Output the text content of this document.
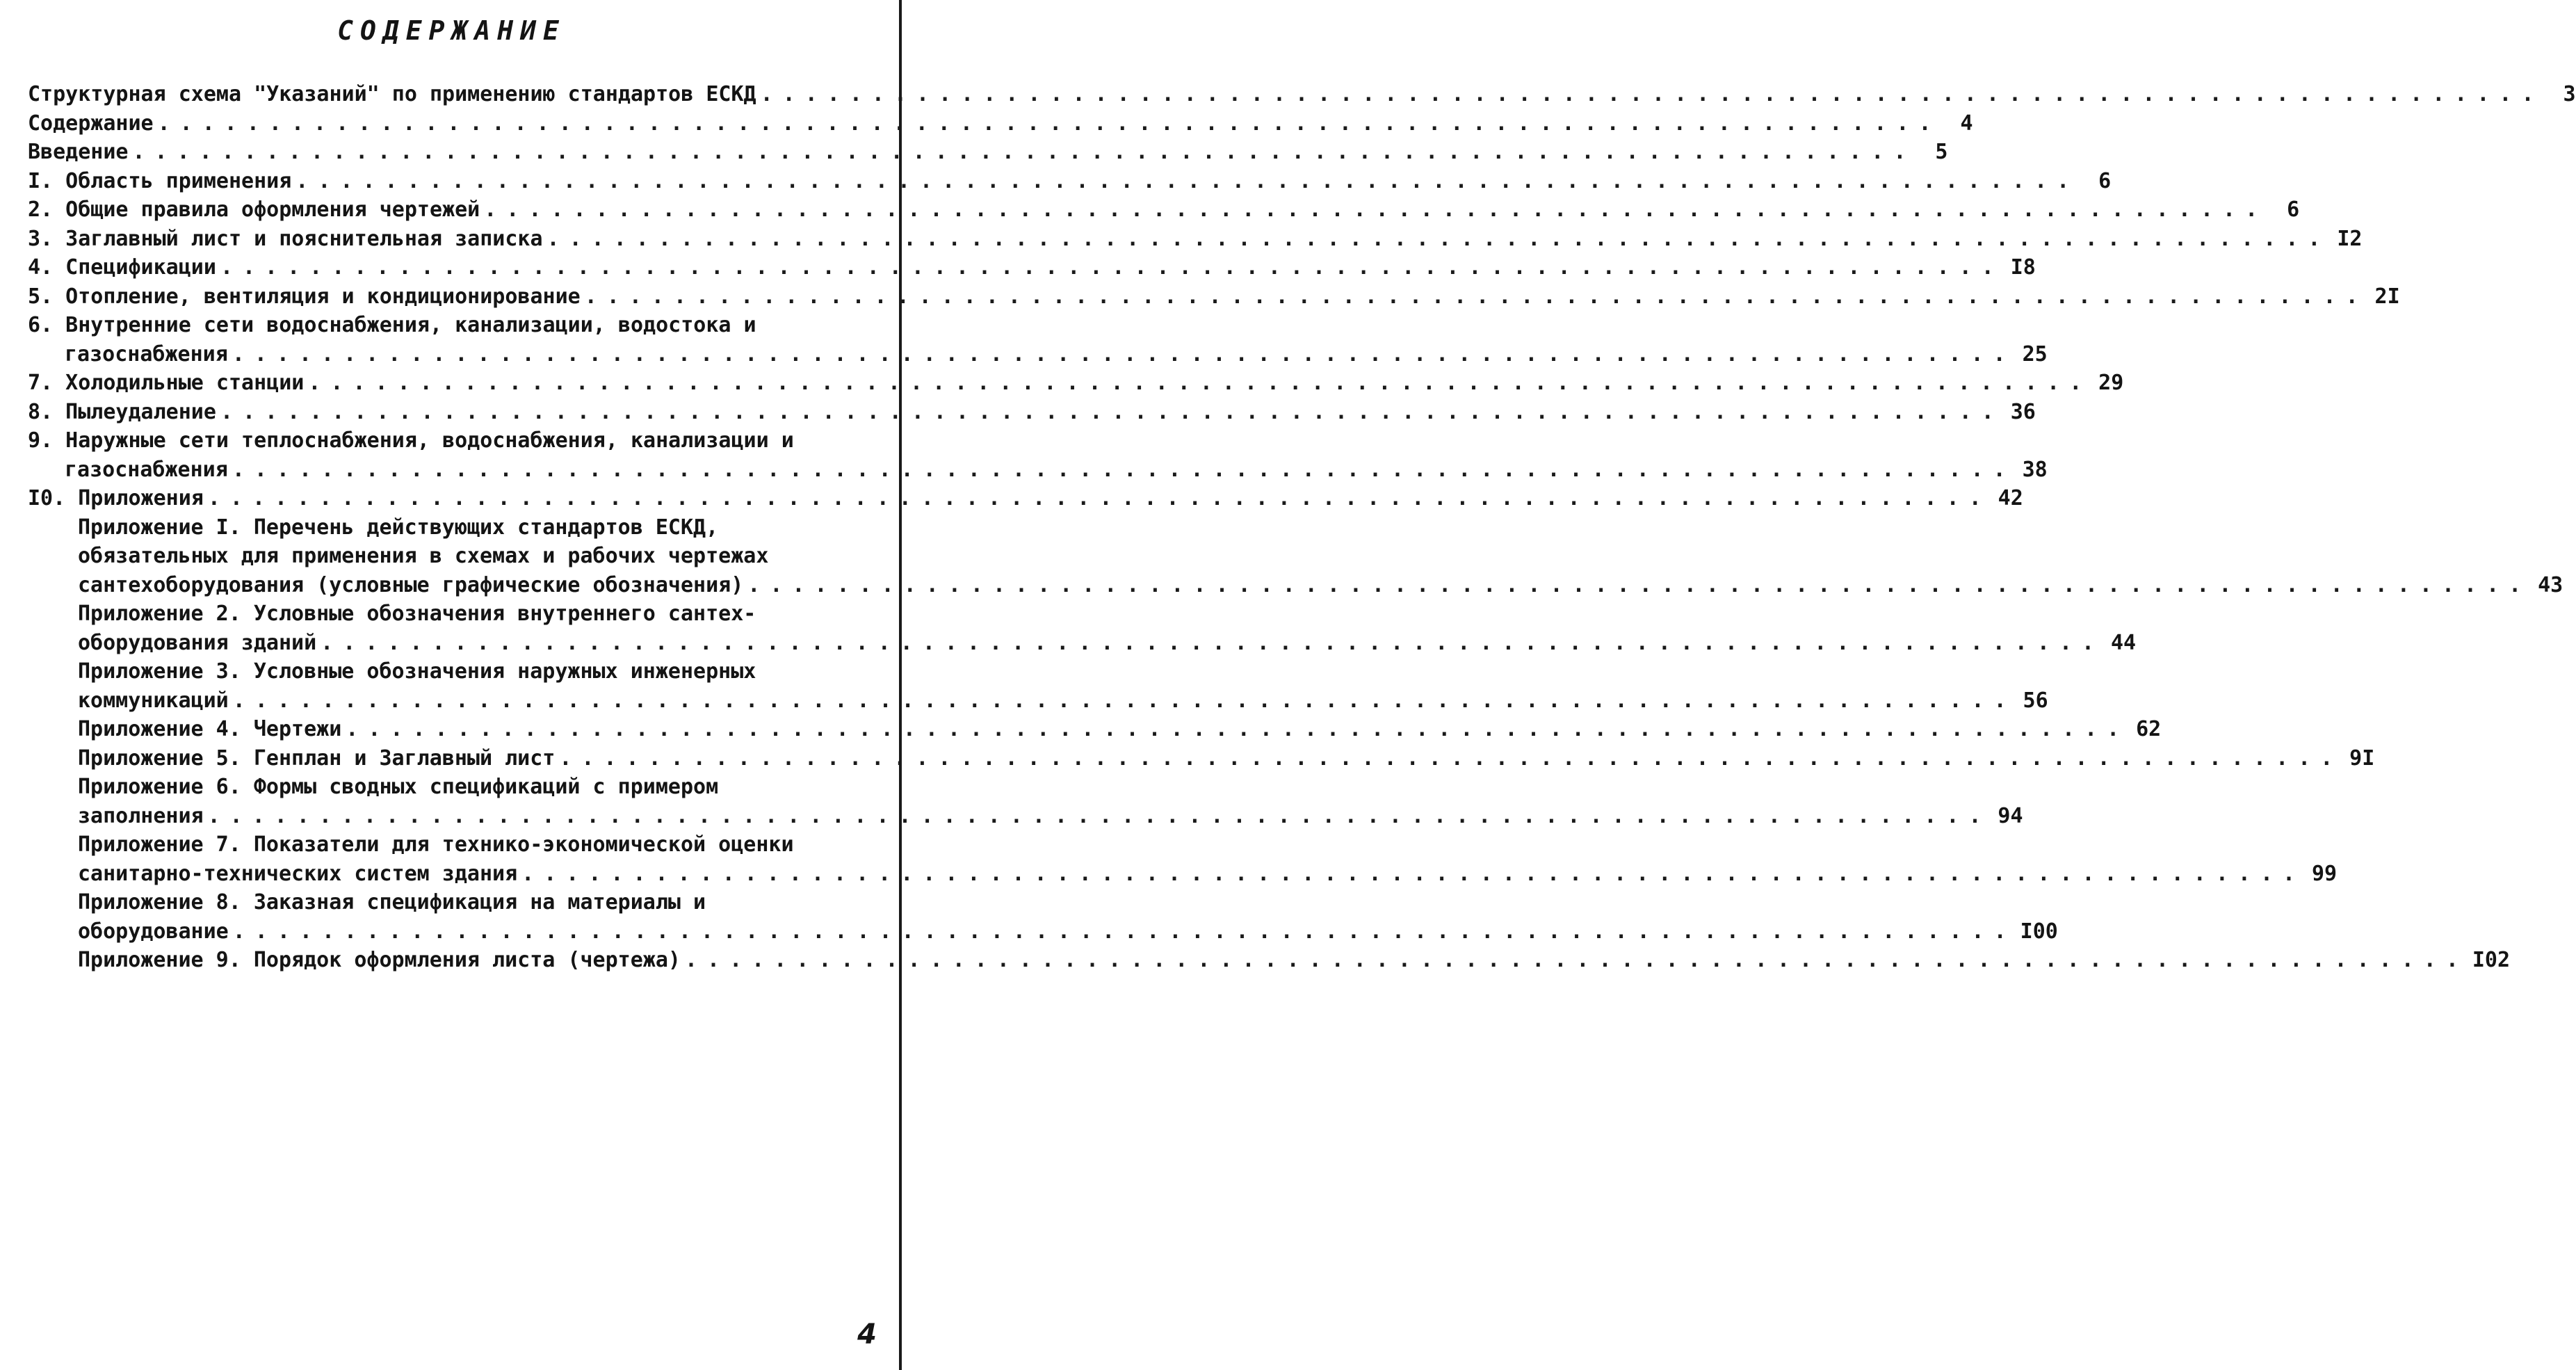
СОДЕРЖАНИЕ
Структурная схема "Указаний" по применению стандартов ЕСКД ................................................................................ 3
Содержание ................................................................................ 4
Введение ................................................................................ 5
I. Область применения ................................................................................ 6
2. Общие правила оформления чертежей ................................................................................ 6
3. Заглавный лист и пояснительная записка ................................................................................ I2
4. Спецификации ................................................................................ I8
5. Отопление, вентиляция и кондиционирование ................................................................................ 2I
6. Внутренние сети водоснабжения, канализации, водостока и
газоснабжения ................................................................................ 25
7. Холодильные станции ................................................................................ 29
8. Пылеудаление ................................................................................ 36
9. Наружные сети теплоснабжения, водоснабжения, канализации и
газоснабжения ................................................................................ 38
I0. Приложения ................................................................................ 42
Приложение I. Перечень действующих стандартов ЕСКД,
обязательных для применения в схемах и рабочих чертежах
сантехоборудования (условные графические обозначения) ................................................................................ 43
Приложение 2. Условные обозначения внутреннего сантех-
оборудования зданий ................................................................................ 44
Приложение 3. Условные обозначения наружных инженерных
коммуникаций ................................................................................ 56
Приложение 4. Чертежи ................................................................................ 62
Приложение 5. Генплан и Заглавный лист ................................................................................ 9I
Приложение 6. Формы сводных спецификаций с примером
заполнения ................................................................................ 94
Приложение 7. Показатели для технико-экономической оценки
санитарно-технических систем здания ................................................................................ 99
Приложение 8. Заказная спецификация на материалы и
оборудование ................................................................................ I00
Приложение 9. Порядок оформления листа (чертежа) ................................................................................ I02
4
